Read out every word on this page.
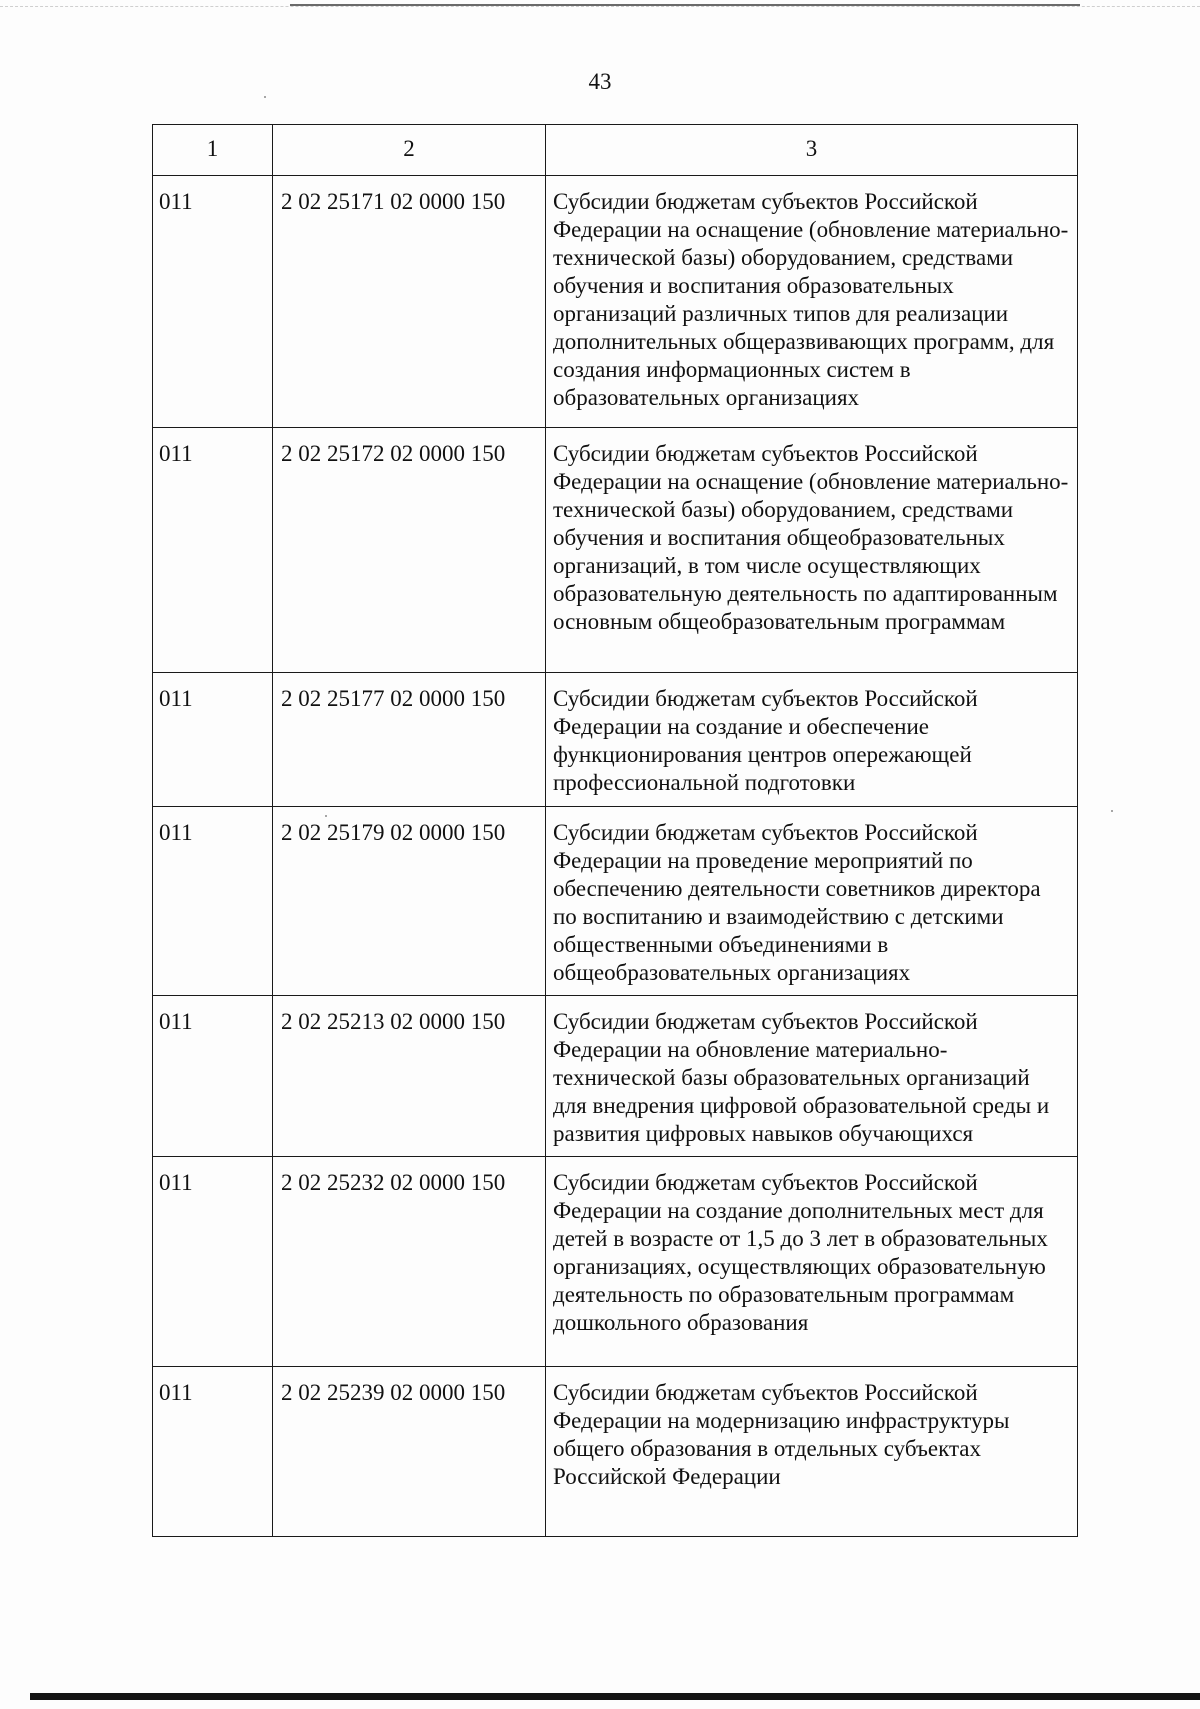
43
1	2	3
011	2 02 25171 02 0000 150	Субсидии бюджетам субъектов Российской Федерации на оснащение (обновление материально-технической базы) оборудованием, средствами обучения и воспитания образовательных организаций различных типов для реализации дополнительных общеразвивающих программ, для создания информационных систем в образовательных организациях
011	2 02 25172 02 0000 150	Субсидии бюджетам субъектов Российской Федерации на оснащение (обновление материально-технической базы) оборудованием, средствами обучения и воспитания общеобразовательных организаций, в том числе осуществляющих образовательную деятельность по адаптированным основным общеобразовательным программам
011	2 02 25177 02 0000 150	Субсидии бюджетам субъектов Российской Федерации на создание и обеспечение функционирования центров опережающей профессиональной подготовки
011	2 02 25179 02 0000 150	Субсидии бюджетам субъектов Российской Федерации на проведение мероприятий по обеспечению деятельности советников директора по воспитанию и взаимодействию с детскими общественными объединениями в общеобразовательных организациях
011	2 02 25213 02 0000 150	Субсидии бюджетам субъектов Российской Федерации на обновление материально-технической базы образовательных организаций для внедрения цифровой образовательной среды и развития цифровых навыков обучающихся
011	2 02 25232 02 0000 150	Субсидии бюджетам субъектов Российской Федерации на создание дополнительных мест для детей в возрасте от 1,5 до 3 лет в образовательных организациях, осуществляющих образовательную деятельность по образовательным программам дошкольного образования
011	2 02 25239 02 0000 150	Субсидии бюджетам субъектов Российской Федерации на модернизацию инфраструктуры общего образования в отдельных субъектах Российской Федерации
